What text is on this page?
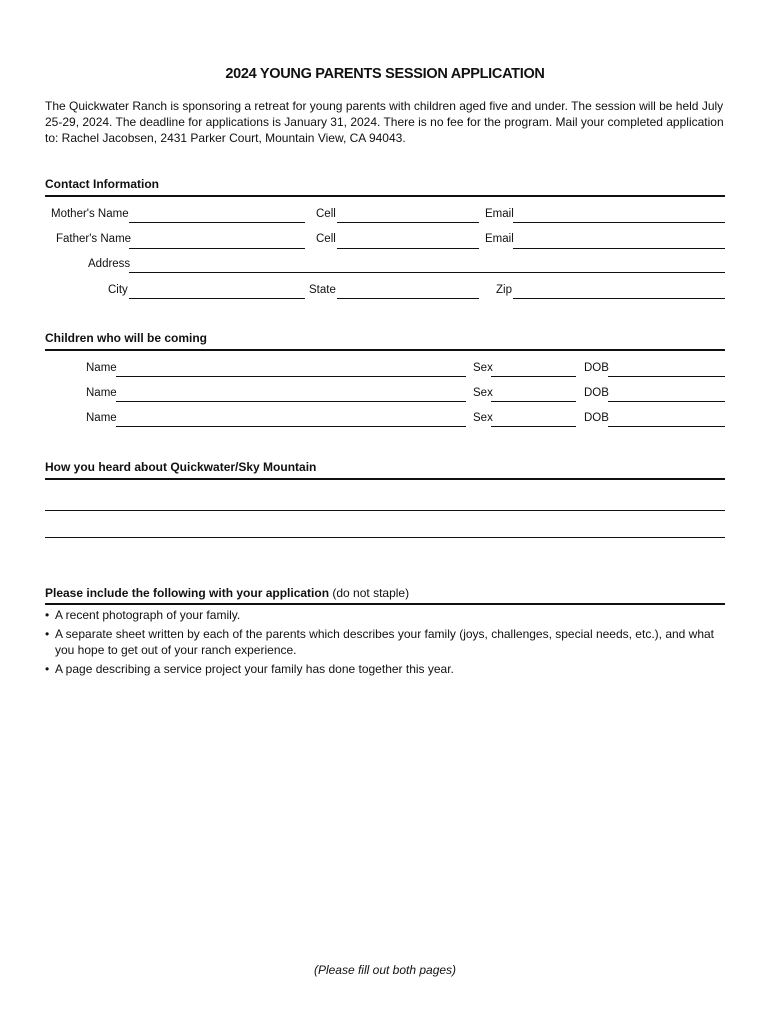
2024 YOUNG PARENTS SESSION APPLICATION
The Quickwater Ranch is sponsoring a retreat for young parents with children aged five and under. The session will be held July 25-29, 2024. The deadline for applications is January 31, 2024. There is no fee for the program. Mail your completed application to: Rachel Jacobsen, 2431 Parker Court, Mountain View, CA 94043.
Contact Information
Mother's Name	Cell	Email
Father's Name	Cell	Email
Address
City	State	Zip
Children who will be coming
Name	Sex	DOB
Name	Sex	DOB
Name	Sex	DOB
How you heard about Quickwater/Sky Mountain
Please include the following with your application (do not staple)
• A recent photograph of your family.
• A separate sheet written by each of the parents which describes your family (joys, challenges, special needs, etc.), and what you hope to get out of your ranch experience.
• A page describing a service project your family has done together this year.
(Please fill out both pages)
